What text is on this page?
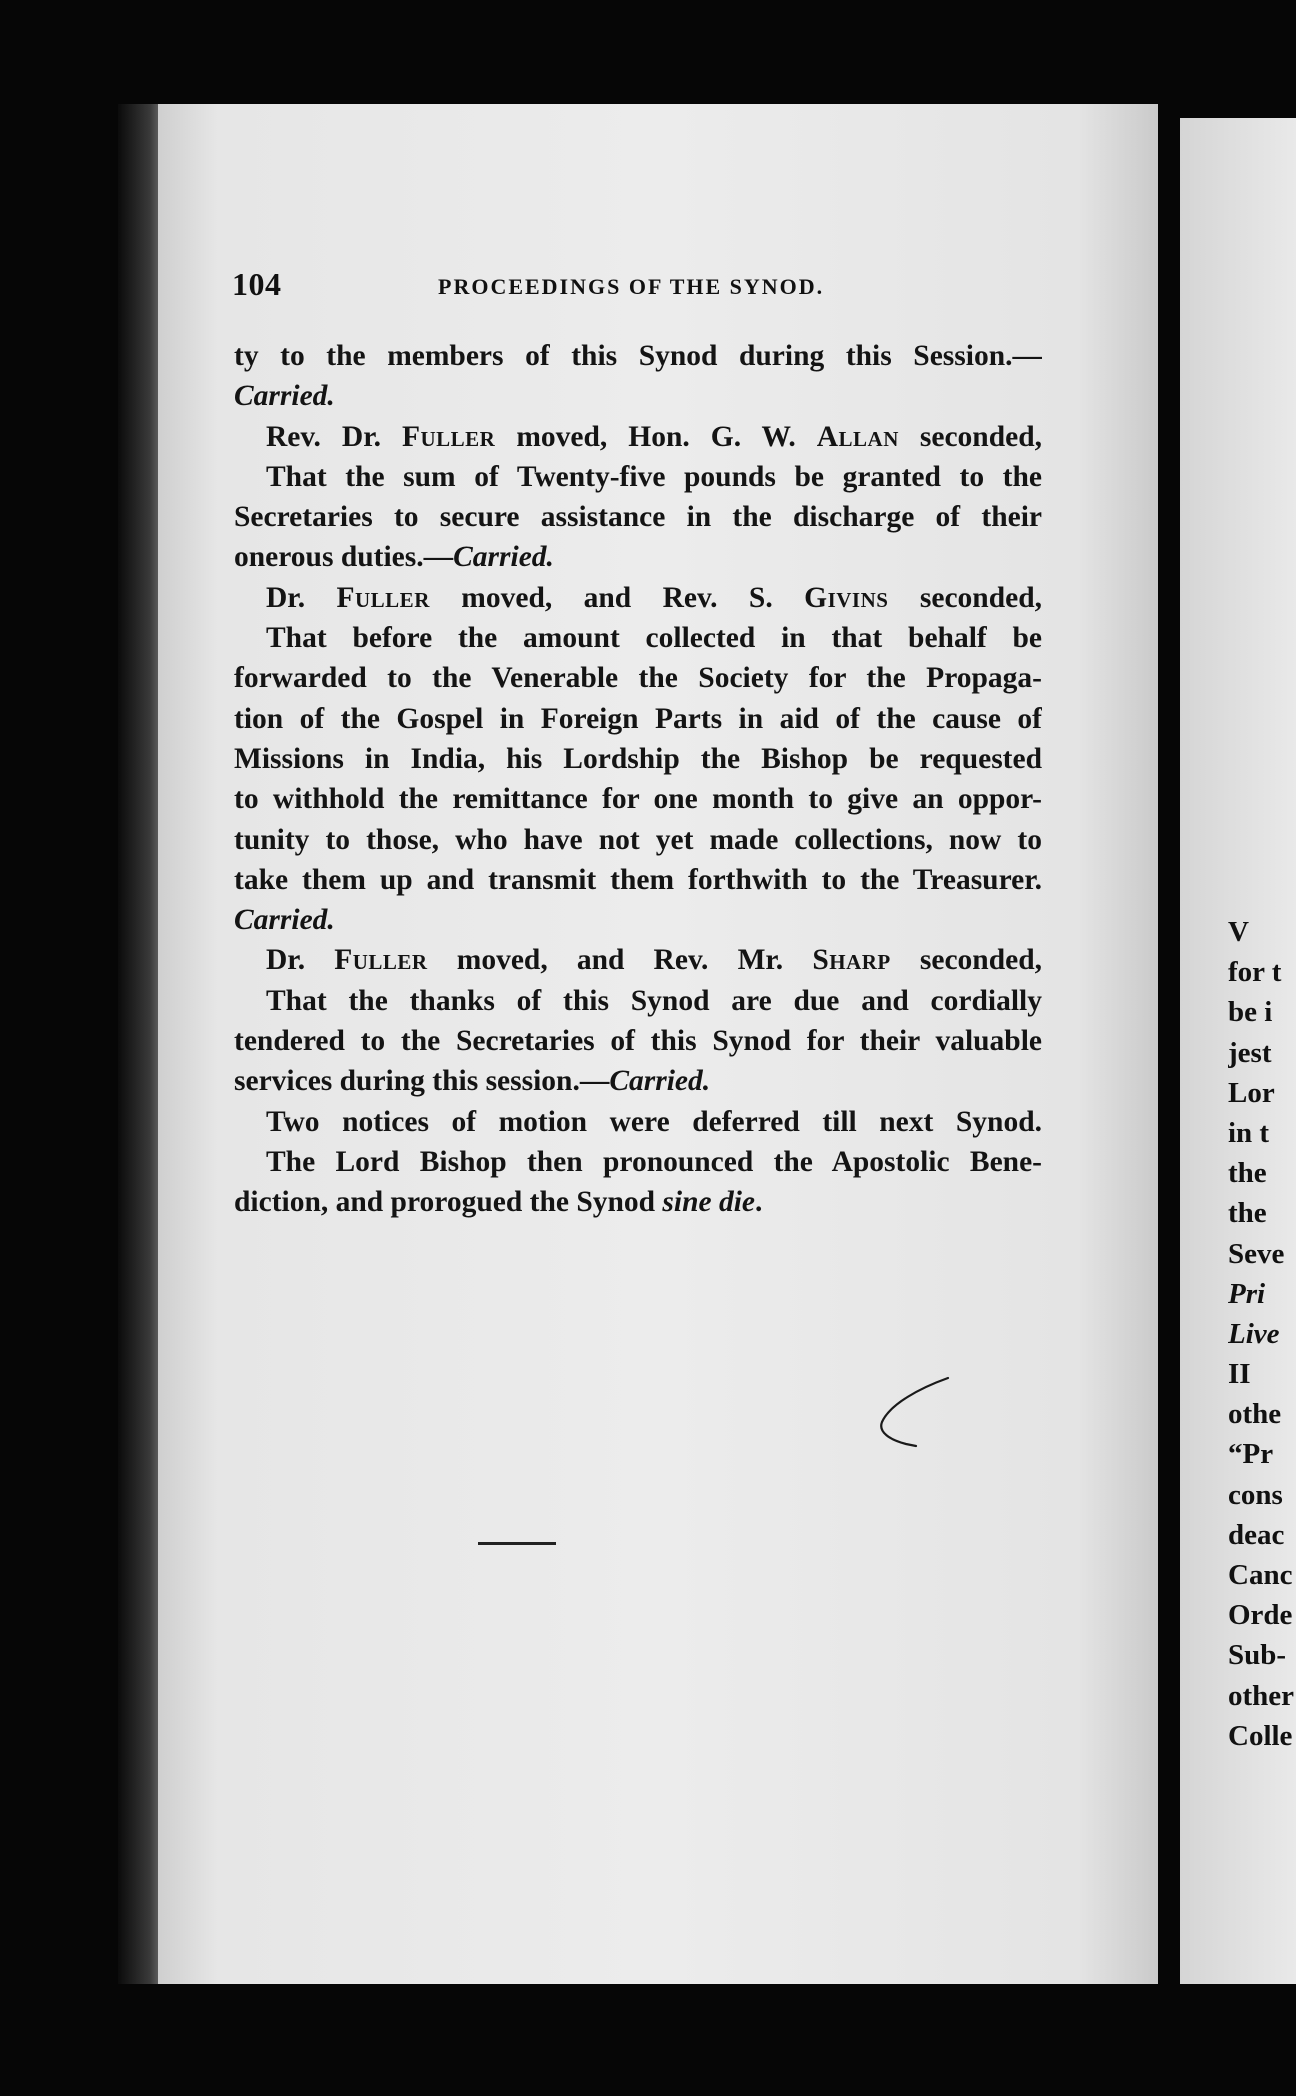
104	PROCEEDINGS OF THE SYNOD.
ty to the members of this Synod during this Session.—
Carried.
Rev. Dr. Fuller moved, Hon. G. W. Allan seconded,
That the sum of Twenty-five pounds be granted to the
Secretaries to secure assistance in the discharge of their
onerous duties.—Carried.
Dr. Fuller moved, and Rev. S. Givins seconded,
That before the amount collected in that behalf be
forwarded to the Venerable the Society for the Propaga-
tion of the Gospel in Foreign Parts in aid of the cause of
Missions in India, his Lordship the Bishop be requested
to withhold the remittance for one month to give an oppor-
tunity to those, who have not yet made collections, now to
take them up and transmit them forthwith to the Treasurer.
Carried.
Dr. Fuller moved, and Rev. Mr. Sharp seconded,
That the thanks of this Synod are due and cordially
tendered to the Secretaries of this Synod for their valuable
services during this session.—Carried.
Two notices of motion were deferred till next Synod.
The Lord Bishop then pronounced the Apostolic Bene-
diction, and prorogued the Synod sine die.
V
for t
be i
jest
Lor
in t
the
the
Seve
Pri
Live
II
othe
“Pr
cons
deac
Canc
Orde
Sub-
other
Colle
